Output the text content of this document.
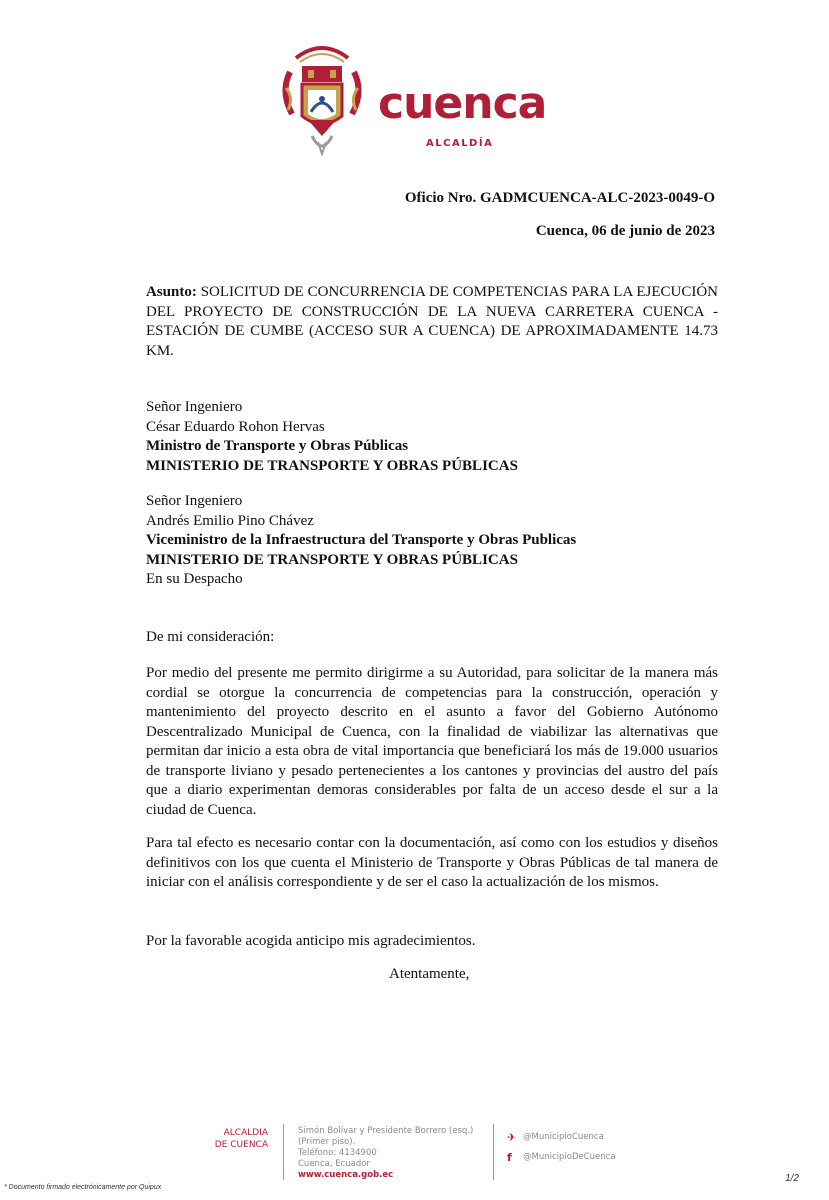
cuenca
ALCALDÍA
Oficio Nro. GADMCUENCA-ALC-2023-0049-O
Cuenca, 06 de junio de 2023
Asunto: SOLICITUD DE CONCURRENCIA DE COMPETENCIAS PARA LA EJECUCIÓN DEL PROYECTO DE CONSTRUCCIÓN DE LA NUEVA CARRETERA CUENCA - ESTACIÓN DE CUMBE (ACCESO SUR A CUENCA) DE APROXIMADAMENTE 14.73 KM.
Señor Ingeniero
César Eduardo Rohon Hervas
Ministro de Transporte y Obras Públicas
MINISTERIO DE TRANSPORTE Y OBRAS PÚBLICAS
Señor Ingeniero
Andrés Emilio Pino Chávez
Viceministro de la Infraestructura del Transporte y Obras Publicas
MINISTERIO DE TRANSPORTE Y OBRAS PÚBLICAS
En su Despacho
De mi consideración:
Por medio del presente me permito dirigirme a su Autoridad, para solicitar de la manera más cordial se otorgue la concurrencia de competencias para la construcción, operación y mantenimiento del proyecto descrito en el asunto a favor del Gobierno Autónomo Descentralizado Municipal de Cuenca, con la finalidad de viabilizar las alternativas que permitan dar inicio a esta obra de vital importancia que beneficiará los más de 19.000 usuarios de transporte liviano y pesado pertenecientes a los cantones y provincias del austro del país que a diario experimentan demoras considerables por falta de un acceso desde el sur a la ciudad de Cuenca.
Para tal efecto es necesario contar con la documentación, así como con los estudios y diseños definitivos con los que cuenta el Ministerio de Transporte y Obras Públicas de tal manera de iniciar con el análisis correspondiente y de ser el caso la actualización de los mismos.
Por la favorable acogida anticipo mis agradecimientos.
Atentamente,
ALCALDIA
DE CUENCA
Simón Bolívar y Presidente Borrero (esq.)
(Primer piso).
Teléfono: 4134900
Cuenca, Ecuador
www.cuenca.gob.ec
✈ @MunicipioCuenca
f	@MunicipioDeCuenca
* Documento firmado electrónicamente por Quipux
1/2
